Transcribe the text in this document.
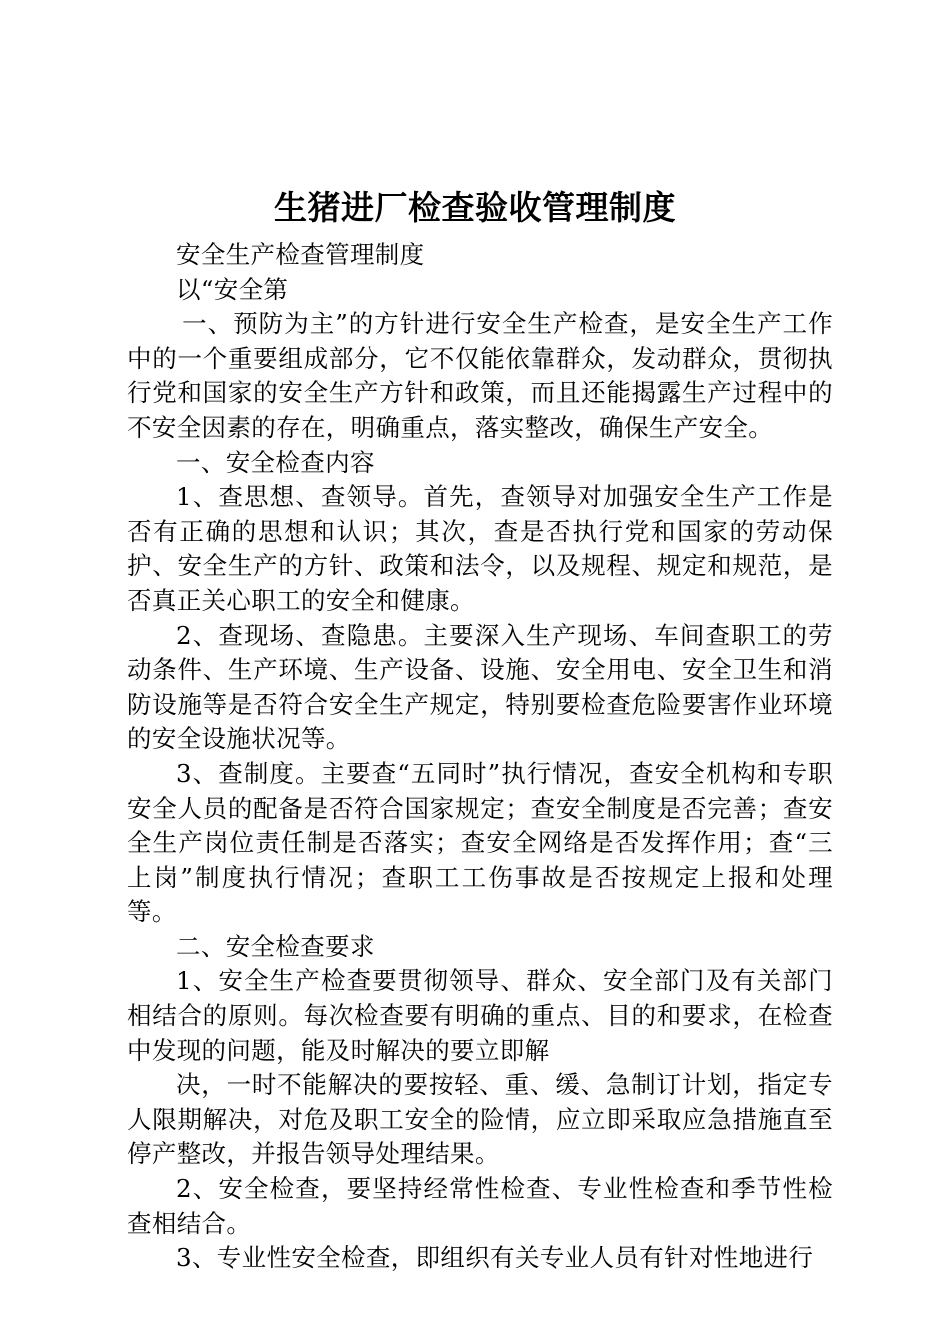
生猪进厂检查验收管理制度

安全生产检查管理制度

以“安全第

一、预防为主”的方针进行安全生产检查，是安全生产工作中的一个重要组成部分，它不仅能依靠群众，发动群众，贯彻执行党和国家的安全生产方针和政策，而且还能揭露生产过程中的不安全因素的存在，明确重点，落实整改，确保生产安全。

一、安全检查内容

1、查思想、查领导。首先，查领导对加强安全生产工作是否有正确的思想和认识；其次，查是否执行党和国家的劳动保护、安全生产的方针、政策和法令，以及规程、规定和规范，是否真正关心职工的安全和健康。

2、查现场、查隐患。主要深入生产现场、车间查职工的劳动条件、生产环境、生产设备、设施、安全用电、安全卫生和消防设施等是否符合安全生产规定，特别要检查危险要害作业环境的安全设施状况等。

3、查制度。主要查“五同时”执行情况，查安全机构和专职安全人员的配备是否符合国家规定；查安全制度是否完善；查安全生产岗位责任制是否落实；查安全网络是否发挥作用；查“三上岗”制度执行情况；查职工工伤事故是否按规定上报和处理等。

二、安全检查要求

1、安全生产检查要贯彻领导、群众、安全部门及有关部门相结合的原则。每次检查要有明确的重点、目的和要求，在检查中发现的问题，能及时解决的要立即解

决，一时不能解决的要按轻、重、缓、急制订计划，指定专人限期解决，对危及职工安全的险情，应立即采取应急措施直至停产整改，并报告领导处理结果。

2、安全检查，要坚持经常性检查、专业性检查和季节性检查相结合。

3、专业性安全检查，即组织有关专业人员有针对性地进行
